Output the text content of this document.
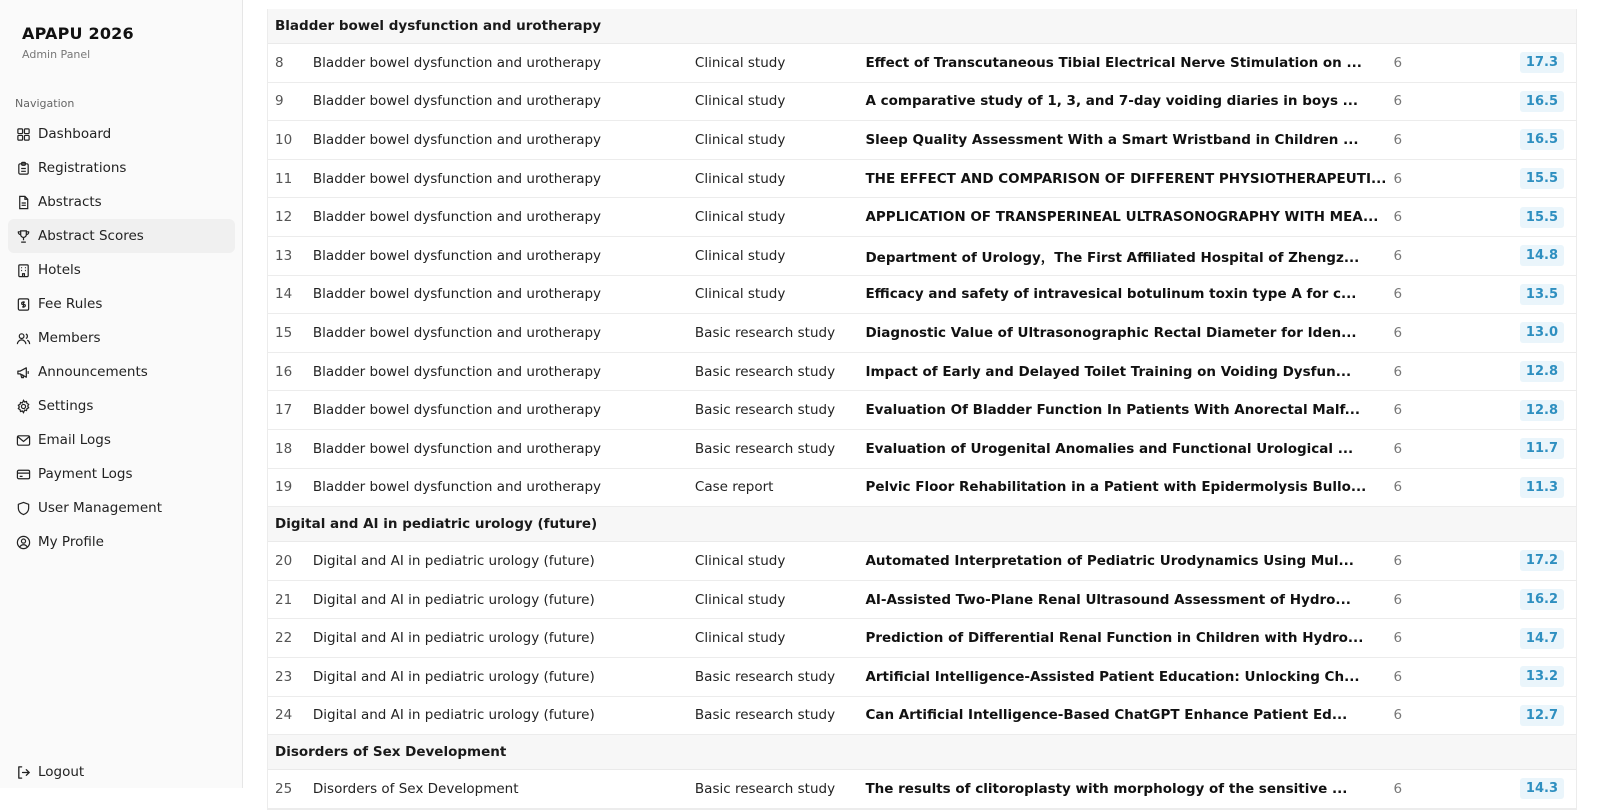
APAPU 2026
Admin Panel
Navigation
Dashboard
Registrations
Abstracts
Abstract Scores
Hotels
Fee Rules
Members
Announcements
Settings
Email Logs
Payment Logs
User Management
My Profile
Logout
Bladder bowel dysfunction and urotherapy
8	Bladder bowel dysfunction and urotherapy	Clinical study	Effect of Transcutaneous Tibial Electrical Nerve Stimulation on ...	6	17.3
9	Bladder bowel dysfunction and urotherapy	Clinical study	A comparative study of 1, 3, and 7-day voiding diaries in boys ...	6	16.5
10	Bladder bowel dysfunction and urotherapy	Clinical study	Sleep Quality Assessment With a Smart Wristband in Children ...	6	16.5
11	Bladder bowel dysfunction and urotherapy	Clinical study	THE EFFECT AND COMPARISON OF DIFFERENT PHYSIOTHERAPEUTI... 6	15.5
12	Bladder bowel dysfunction and urotherapy	Clinical study	APPLICATION OF TRANSPERINEAL ULTRASONOGRAPHY WITH MEA...	6	15.5
13	Bladder bowel dysfunction and urotherapy	Clinical study	Department of Urology，The First Affiliated Hospital of Zhengz...	6	14.8
14	Bladder bowel dysfunction and urotherapy	Clinical study	Efficacy and safety of intravesical botulinum toxin type A for c...	6	13.5
15	Bladder bowel dysfunction and urotherapy	Basic research study	Diagnostic Value of Ultrasonographic Rectal Diameter for Iden...	6	13.0
16	Bladder bowel dysfunction and urotherapy	Basic research study	Impact of Early and Delayed Toilet Training on Voiding Dysfun...	6	12.8
17	Bladder bowel dysfunction and urotherapy	Basic research study	Evaluation Of Bladder Function In Patients With Anorectal Malf...	6	12.8
18	Bladder bowel dysfunction and urotherapy	Basic research study	Evaluation of Urogenital Anomalies and Functional Urological ...	6	11.7
19	Bladder bowel dysfunction and urotherapy	Case report	Pelvic Floor Rehabilitation in a Patient with Epidermolysis Bullo...	6	11.3
Digital and AI in pediatric urology (future)
20	Digital and AI in pediatric urology (future)	Clinical study	Automated Interpretation of Pediatric Urodynamics Using Mul...	6	17.2
21	Digital and AI in pediatric urology (future)	Clinical study	AI-Assisted Two-Plane Renal Ultrasound Assessment of Hydro...	6	16.2
22	Digital and AI in pediatric urology (future)	Clinical study	Prediction of Differential Renal Function in Children with Hydro...	6	14.7
23	Digital and AI in pediatric urology (future)	Basic research study	Artificial Intelligence-Assisted Patient Education: Unlocking Ch...	6	13.2
24	Digital and AI in pediatric urology (future)	Basic research study	Can Artificial Intelligence-Based ChatGPT Enhance Patient Ed...	6	12.7
Disorders of Sex Development
25	Disorders of Sex Development	Basic research study	The results of clitoroplasty with morphology of the sensitive ...	6	14.3
